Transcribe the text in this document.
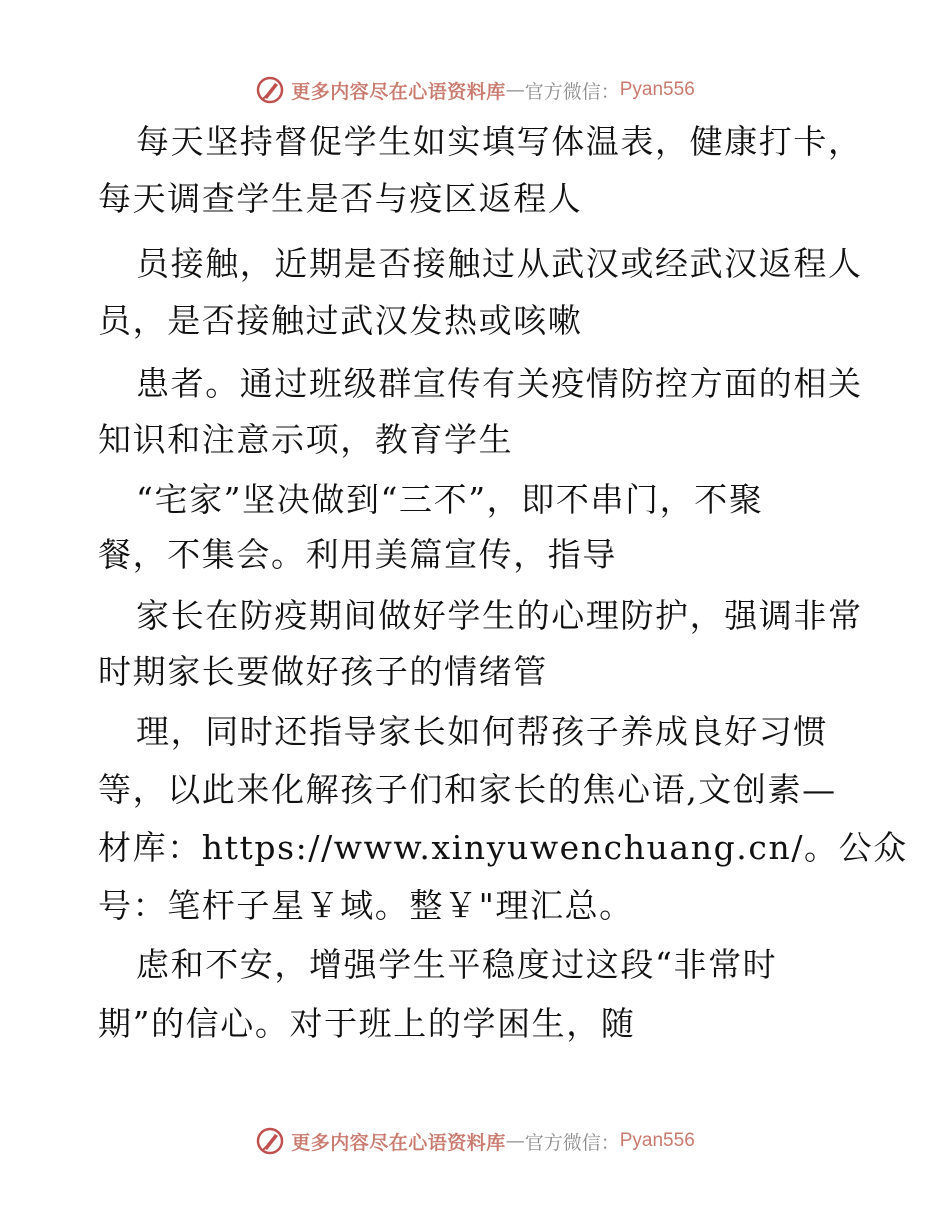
更多内容尽在心语资料库 — 官方微信： Pyan556
每天坚持督促学生如实填写体温表，健康打卡，
每天调查学生是否与疫区返程人
员接触，近期是否接触过从武汉或经武汉返程人
员，是否接触过武汉发热或咳嗽
患者。通过班级群宣传有关疫情防控方面的相关
知识和注意示项，教育学生
“宅家”坚决做到“三不”，即不串门，不聚
餐，不集会。利用美篇宣传，指导
家长在防疫期间做好学生的心理防护，强调非常
时期家长要做好孩子的情绪管
理，同时还指导家长如何帮孩子养成良好习惯
等，以此来化解孩子们和家长的焦心语,文创素—
材库：https://www.xinyuwenchuang.cn/。公众
号：笔杆子星￥域。整￥"理汇总。
虑和不安，增强学生平稳度过这段“非常时
期”的信心。对于班上的学困生，随
更多内容尽在心语资料库 — 官方微信： Pyan556
